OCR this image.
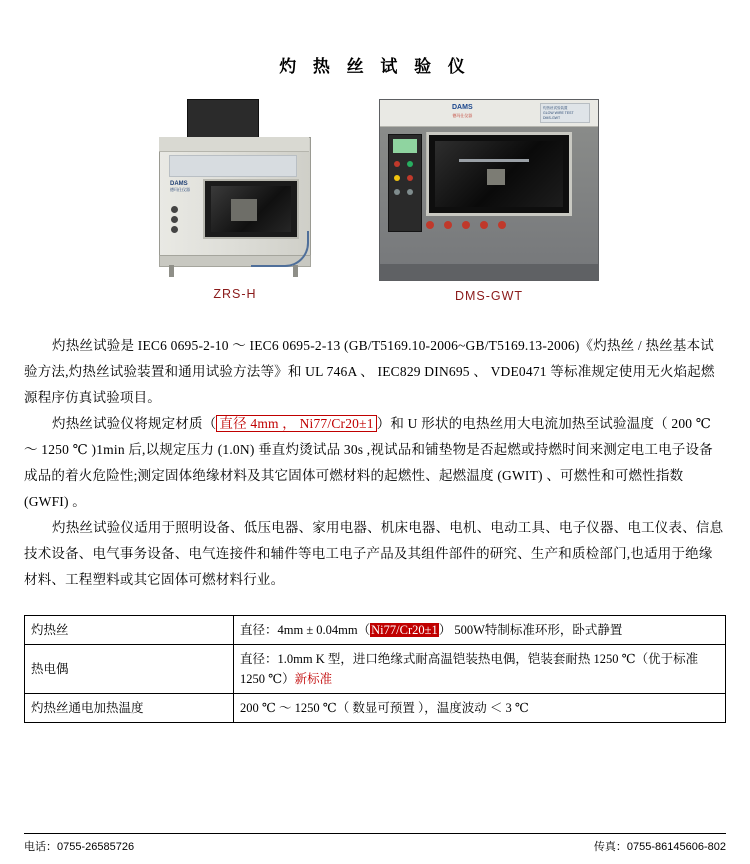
灼 热 丝 试 验 仪
DAMS
德玛仕仪器
ZRS-H
DAMS
德玛仕仪器
灼热丝试验装置
GLOW WIRE TEST
DMS-GWT
DMS-GWT

灼热丝试验是 IEC6 0695-2-10 ～ IEC6 0695-2-13 (GB/T5169.10-2006~GB/T5169.13-2006)《灼热丝 / 热丝基本试验方法,灼热丝试验装置和通用试验方法等》和 UL 746A 、 IEC829 DIN695 、 VDE0471 等标准规定使用无火焰起燃源程序仿真试验项目。

灼热丝试验仪将规定材质（ 直径 4mm ， Ni77/Cr20±1 ）和 U 形状的电热丝用大电流加热至试验温度（ 200 ℃ ～ 1250 ℃ )1min 后,以规定压力 (1.0N) 垂直灼烫试品 30s ,视试品和铺垫物是否起燃或持燃时间来测定电工电子设备成品的着火危险性;测定固体绝缘材料及其它固体可燃材料的起燃性、起燃温度 (GWIT) 、可燃性和可燃性指数 (GWFI) 。

灼热丝试验仪适用于照明设备、低压电器、家用电器、机床电器、电机、电动工具、电子仪器、电工仪表、信息技术设备、电气事务设备、电气连接件和辅件等电工电子产品及其组件部件的研究、生产和质检部门,也适用于绝缘材料、工程塑料或其它固体可燃材料行业。

灼热丝	直径：4mm ± 0.04mm（Ni77/Cr20±1） 500W特制标准环形，卧式静置
热电偶	直径：1.0mm K 型，进口绝缘式耐高温铠装热电偶，铠装套耐热 1250 ℃（优于标准 1250 ℃）新标准
灼热丝通电加热温度	200 ℃ ～ 1250 ℃（ 数显可预置 ），温度波动 ＜ 3 ℃
电话：0755-26585726	传真：0755-86145606-802
